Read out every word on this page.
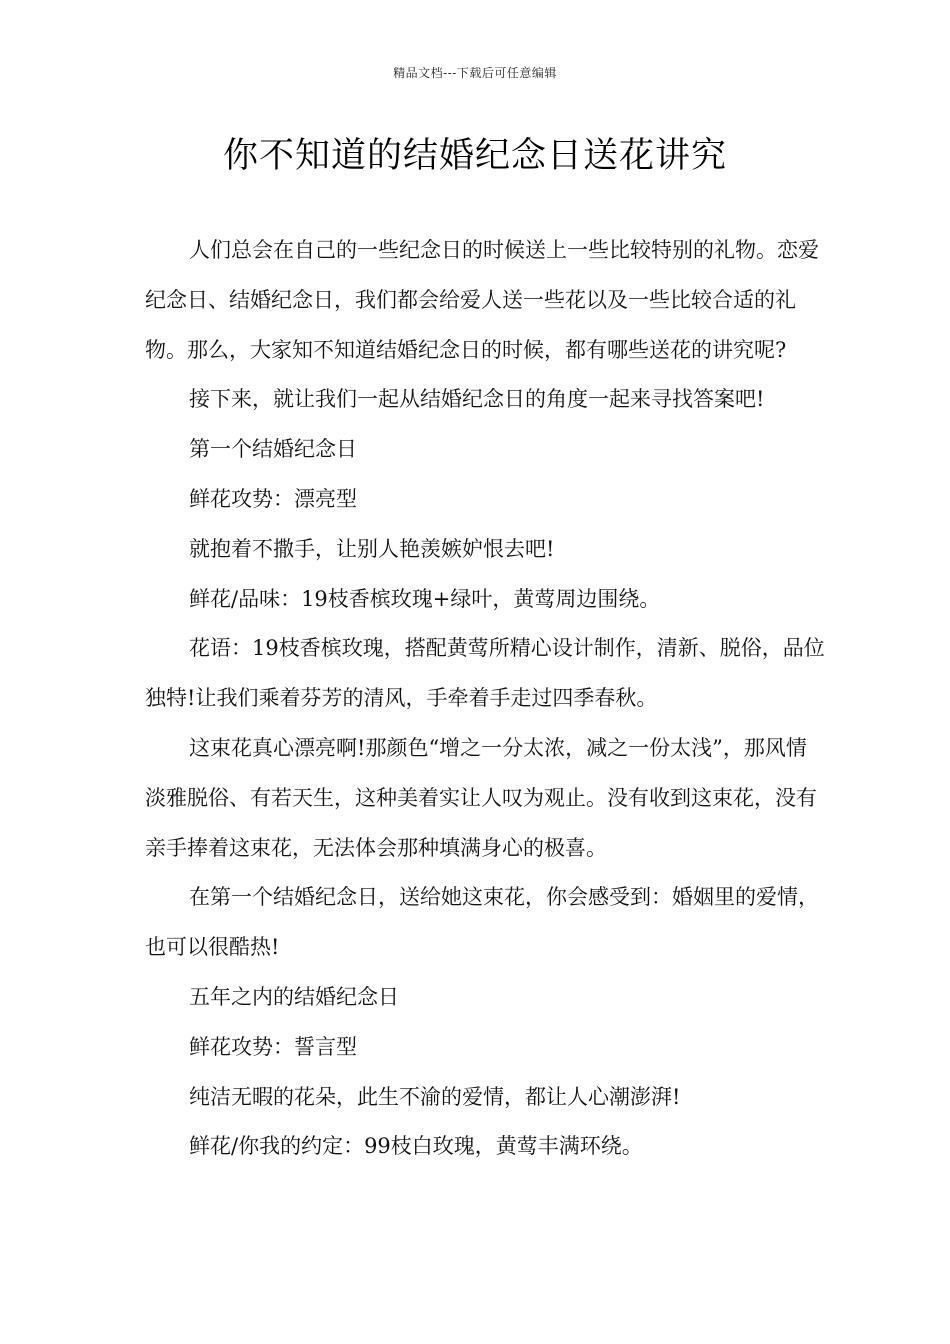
精品文档---下载后可任意编辑
你不知道的结婚纪念日送花讲究

人们总会在自己的一些纪念日的时候送上一些比较特别的礼物。恋爱纪念日、结婚纪念日，我们都会给爱人送一些花以及一些比较合适的礼物。那么，大家知不知道结婚纪念日的时候，都有哪些送花的讲究呢?

接下来，就让我们一起从结婚纪念日的角度一起来寻找答案吧!

第一个结婚纪念日

鲜花攻势：漂亮型

就抱着不撒手，让别人艳羡嫉妒恨去吧!

鲜花/品味：19枝香槟玫瑰+绿叶，黄莺周边围绕。

花语：19枝香槟玫瑰，搭配黄莺所精心设计制作，清新、脱俗，品位独特!让我们乘着芬芳的清风，手牵着手走过四季春秋。

这束花真心漂亮啊!那颜色“增之一分太浓，减之一份太浅”，那风情淡雅脱俗、有若天生，这种美着实让人叹为观止。没有收到这束花，没有亲手捧着这束花，无法体会那种填满身心的极喜。

在第一个结婚纪念日，送给她这束花，你会感受到：婚姻里的爱情，也可以很酷热!

五年之内的结婚纪念日

鲜花攻势：誓言型

纯洁无暇的花朵，此生不渝的爱情，都让人心潮澎湃!

鲜花/你我的约定：99枝白玫瑰，黄莺丰满环绕。
